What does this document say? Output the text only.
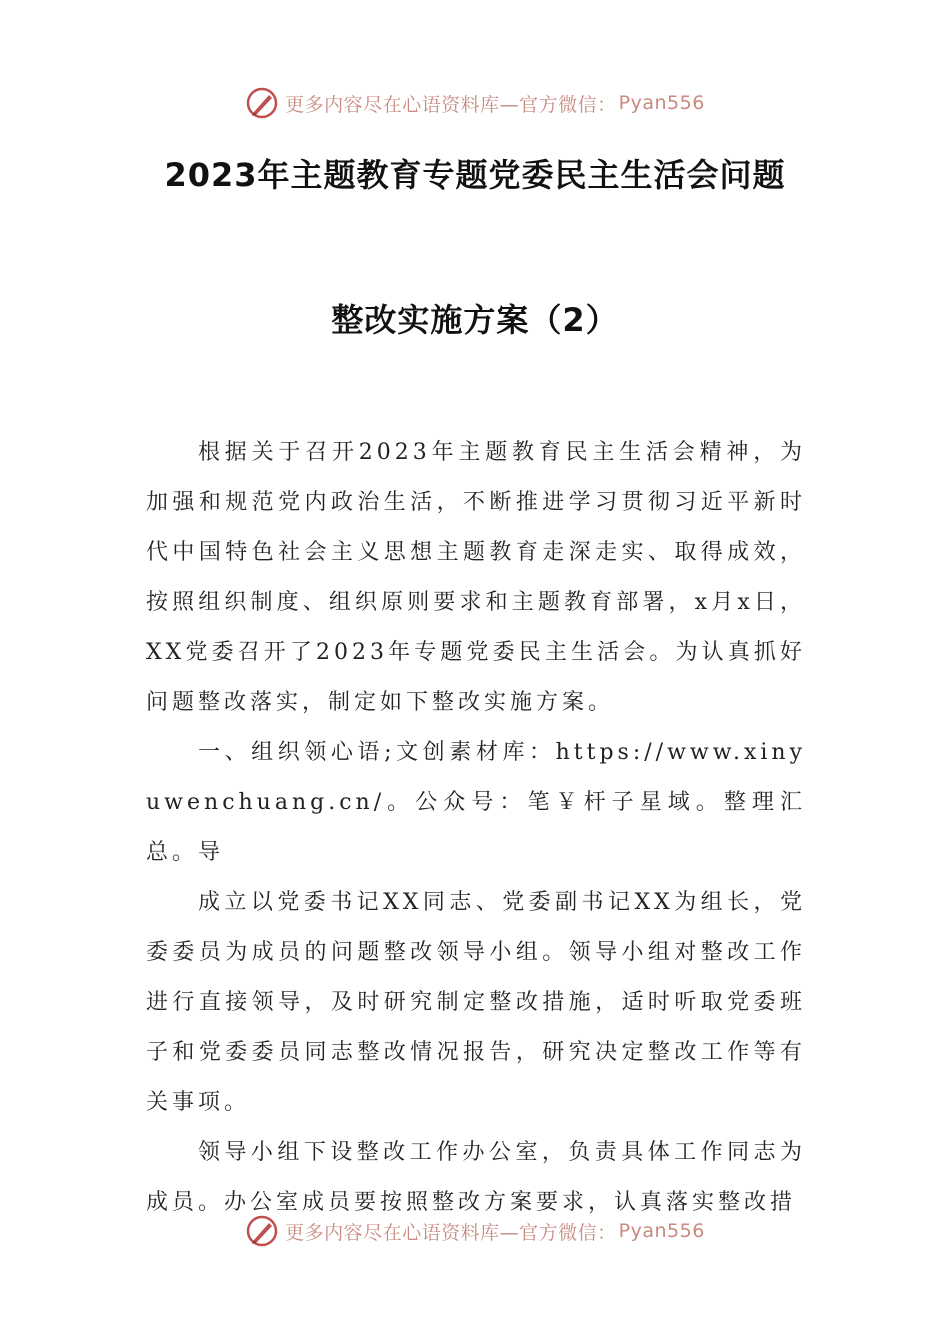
更多内容尽在心语资料库—官方微信： Pyan556
2023年主题教育专题党委民主生活会问题
整改实施方案（2）

根据关于召开2023年主题教育民主生活会精神，为加强和规范党内政治生活，不断推进学习贯彻习近平新时代中国特色社会主义思想主题教育走深走实、取得成效，按照组织制度、组织原则要求和主题教育部署，x月x日，XX党委召开了2023年专题党委民主生活会。为认真抓好问题整改落实，制定如下整改实施方案。

一、组织领心语;文创素材库：https://www.xinyuwenchuang.cn/。公众号：笔￥杆子星域。整理汇总。导

成立以党委书记XX同志、党委副书记XX为组长，党委委员为成员的问题整改领导小组。领导小组对整改工作进行直接领导，及时研究制定整改措施，适时听取党委班子和党委委员同志整改情况报告，研究决定整改工作等有关事项。

领导小组下设整改工作办公室，负责具体工作同志为成员。办公室成员要按照整改方案要求，认真落实整改措

更多内容尽在心语资料库—官方微信： Pyan556
